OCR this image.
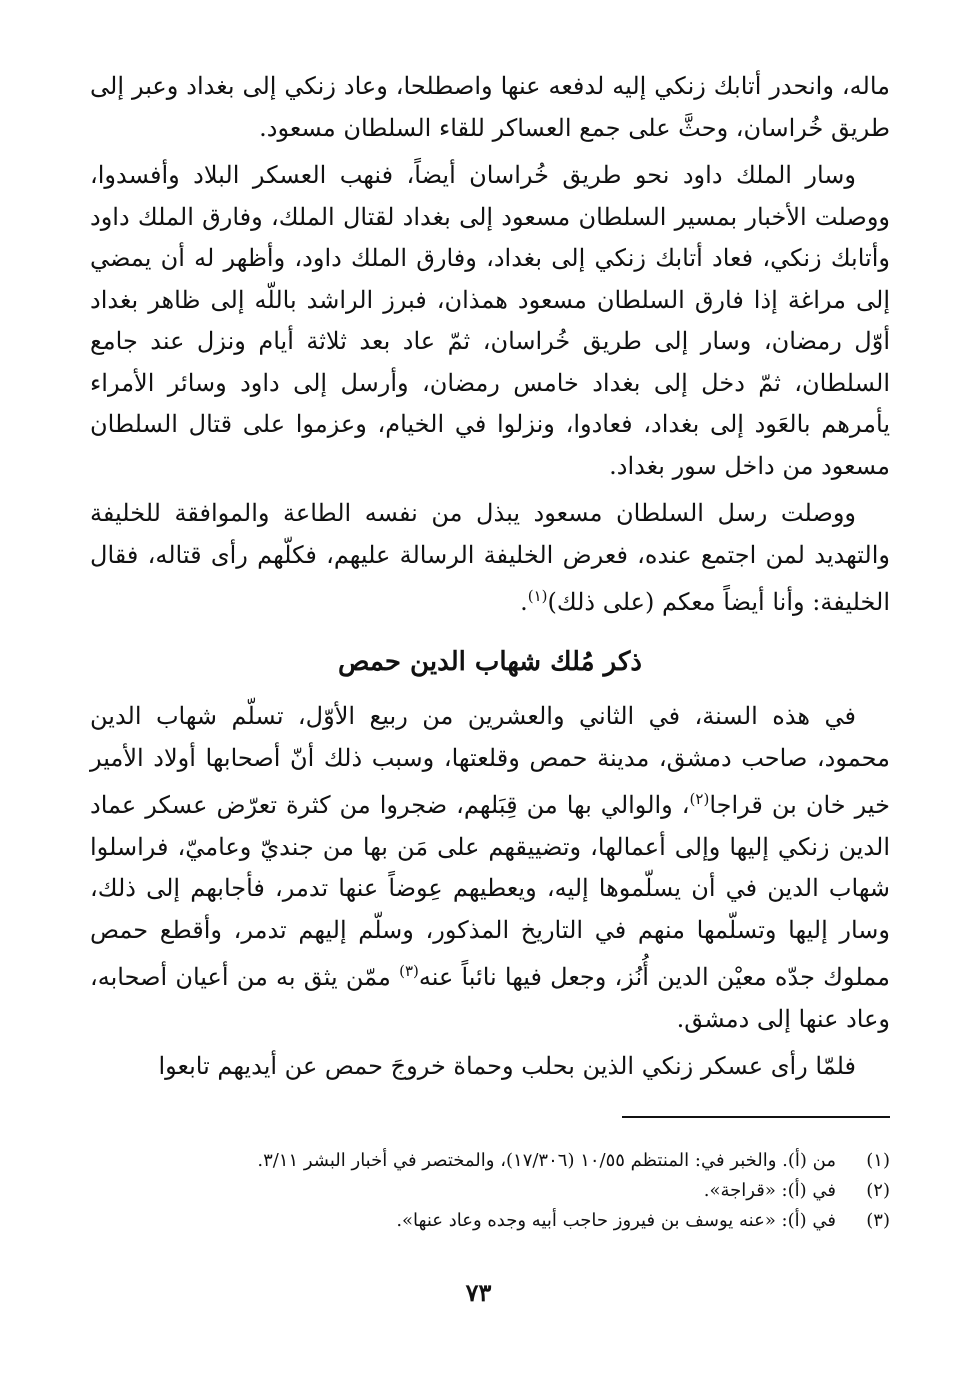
ماله، وانحدر أتابك زنكي إليه لدفعه عنها واصطلحا، وعاد زنكي إلى بغداد وعبر إلى طريق خُراسان، وحثَّ على جمع العساكر للقاء السلطان مسعود.

وسار الملك داود نحو طريق خُراسان أيضاً، فنهب العسكر البلاد وأفسدوا، ووصلت الأخبار بمسير السلطان مسعود إلى بغداد لقتال الملك، وفارق الملك داود وأتابك زنكي، فعاد أتابك زنكي إلى بغداد، وفارق الملك داود، وأظهر له أن يمضي إلى مراغة إذا فارق السلطان مسعود همذان، فبرز الراشد باللّه إلى ظاهر بغداد أوّل رمضان، وسار إلى طريق خُراسان، ثمّ عاد بعد ثلاثة أيام ونزل عند جامع السلطان، ثمّ دخل إلى بغداد خامس رمضان، وأرسل إلى داود وسائر الأمراء يأمرهم بالعَود إلى بغداد، فعادوا، ونزلوا في الخيام، وعزموا على قتال السلطان مسعود من داخل سور بغداد.

ووصلت رسل السلطان مسعود يبذل من نفسه الطاعة والموافقة للخليفة والتهديد لمن اجتمع عنده، فعرض الخليفة الرسالة عليهم، فكلّهم رأى قتاله، فقال الخليفة: وأنا أيضاً معكم (على ذلك)$^{(١)}$.

ذكر مُلك شهاب الدين حمص

في هذه السنة، في الثاني والعشرين من ربيع الأوّل، تسلّم شهاب الدين محمود، صاحب دمشق، مدينة حمص وقلعتها، وسبب ذلك أنّ أصحابها أولاد الأمير خير خان بن قراجا$^{(٢)}$، والوالي بها من قِبَلهم، ضجروا من كثرة تعرّض عسكر عماد الدين زنكي إليها وإلى أعمالها، وتضييقهم على مَن بها من جنديّ وعاميّ، فراسلوا شهاب الدين في أن يسلّموها إليه، ويعطيهم عِوضاً عنها تدمر، فأجابهم إلى ذلك، وسار إليها وتسلّمها منهم في التاريخ المذكور، وسلّم إليهم تدمر، وأقطع حمص مملوك جدّه معيْن الدين أُنُز، وجعل فيها نائباً عنه$^{(٣)}$ ممّن يثق به من أعيان أصحابه، وعاد عنها إلى دمشق.

فلمّا رأى عسكر زنكي الذين بحلب وحماة خروجَ حمص عن أيديهم تابعوا

(١)
من (أ). والخبر في: المنتظم ١٠/٥٥ (١٧/٣٠٦)، والمختصر في أخبار البشر ٣/١١.
(٢)
في (أ): «قراجة».
(٣)
في (أ): «عنه يوسف بن فيروز حاجب أبيه وجده وعاد عنها».
٧٣
